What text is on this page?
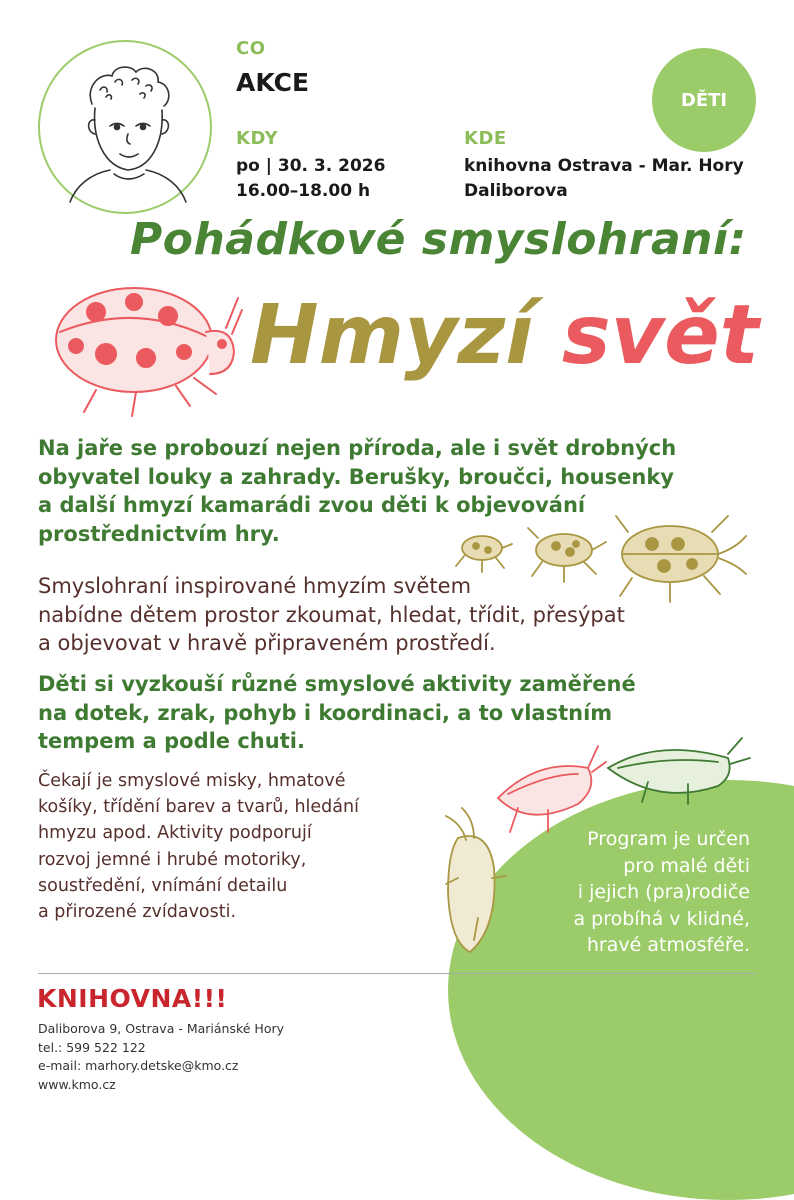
CO
AKCE
KDY
po | 30. 3. 2026
16.00–18.00 h
KDE
knihovna Ostrava - Mar. Hory
Daliborova
DĚTI
Pohádkové smyslohraní:
Hmyzí svět
Na jaře se probouzí nejen příroda, ale i svět drobných
obyvatel louky a zahrady. Berušky, broučci, housenky
a další hmyzí kamarádi zvou děti k objevování
prostřednictvím hry.
Smyslohraní inspirované hmyzím světem
nabídne dětem prostor zkoumat, hledat, třídit, přesýpat
a objevovat v hravě připraveném prostředí.
Děti si vyzkouší různé smyslové aktivity zaměřené
na dotek, zrak, pohyb i koordinaci, a to vlastním
tempem a podle chuti.
Program je určen
pro malé děti
i jejich (pra)rodiče
a probíhá v klidné,
hravé atmosféře.
Čekají je smyslové misky, hmatové
košíky, třídění barev a tvarů, hledání
hmyzu apod. Aktivity podporují
rozvoj jemné i hrubé motoriky,
soustředění, vnímání detailu
a přirozené zvídavosti.
KNIHOVNA!!!
Daliborova 9, Ostrava - Mariánské Hory
tel.: 599 522 122
e-mail: marhory.detske@kmo.cz
www.kmo.cz
